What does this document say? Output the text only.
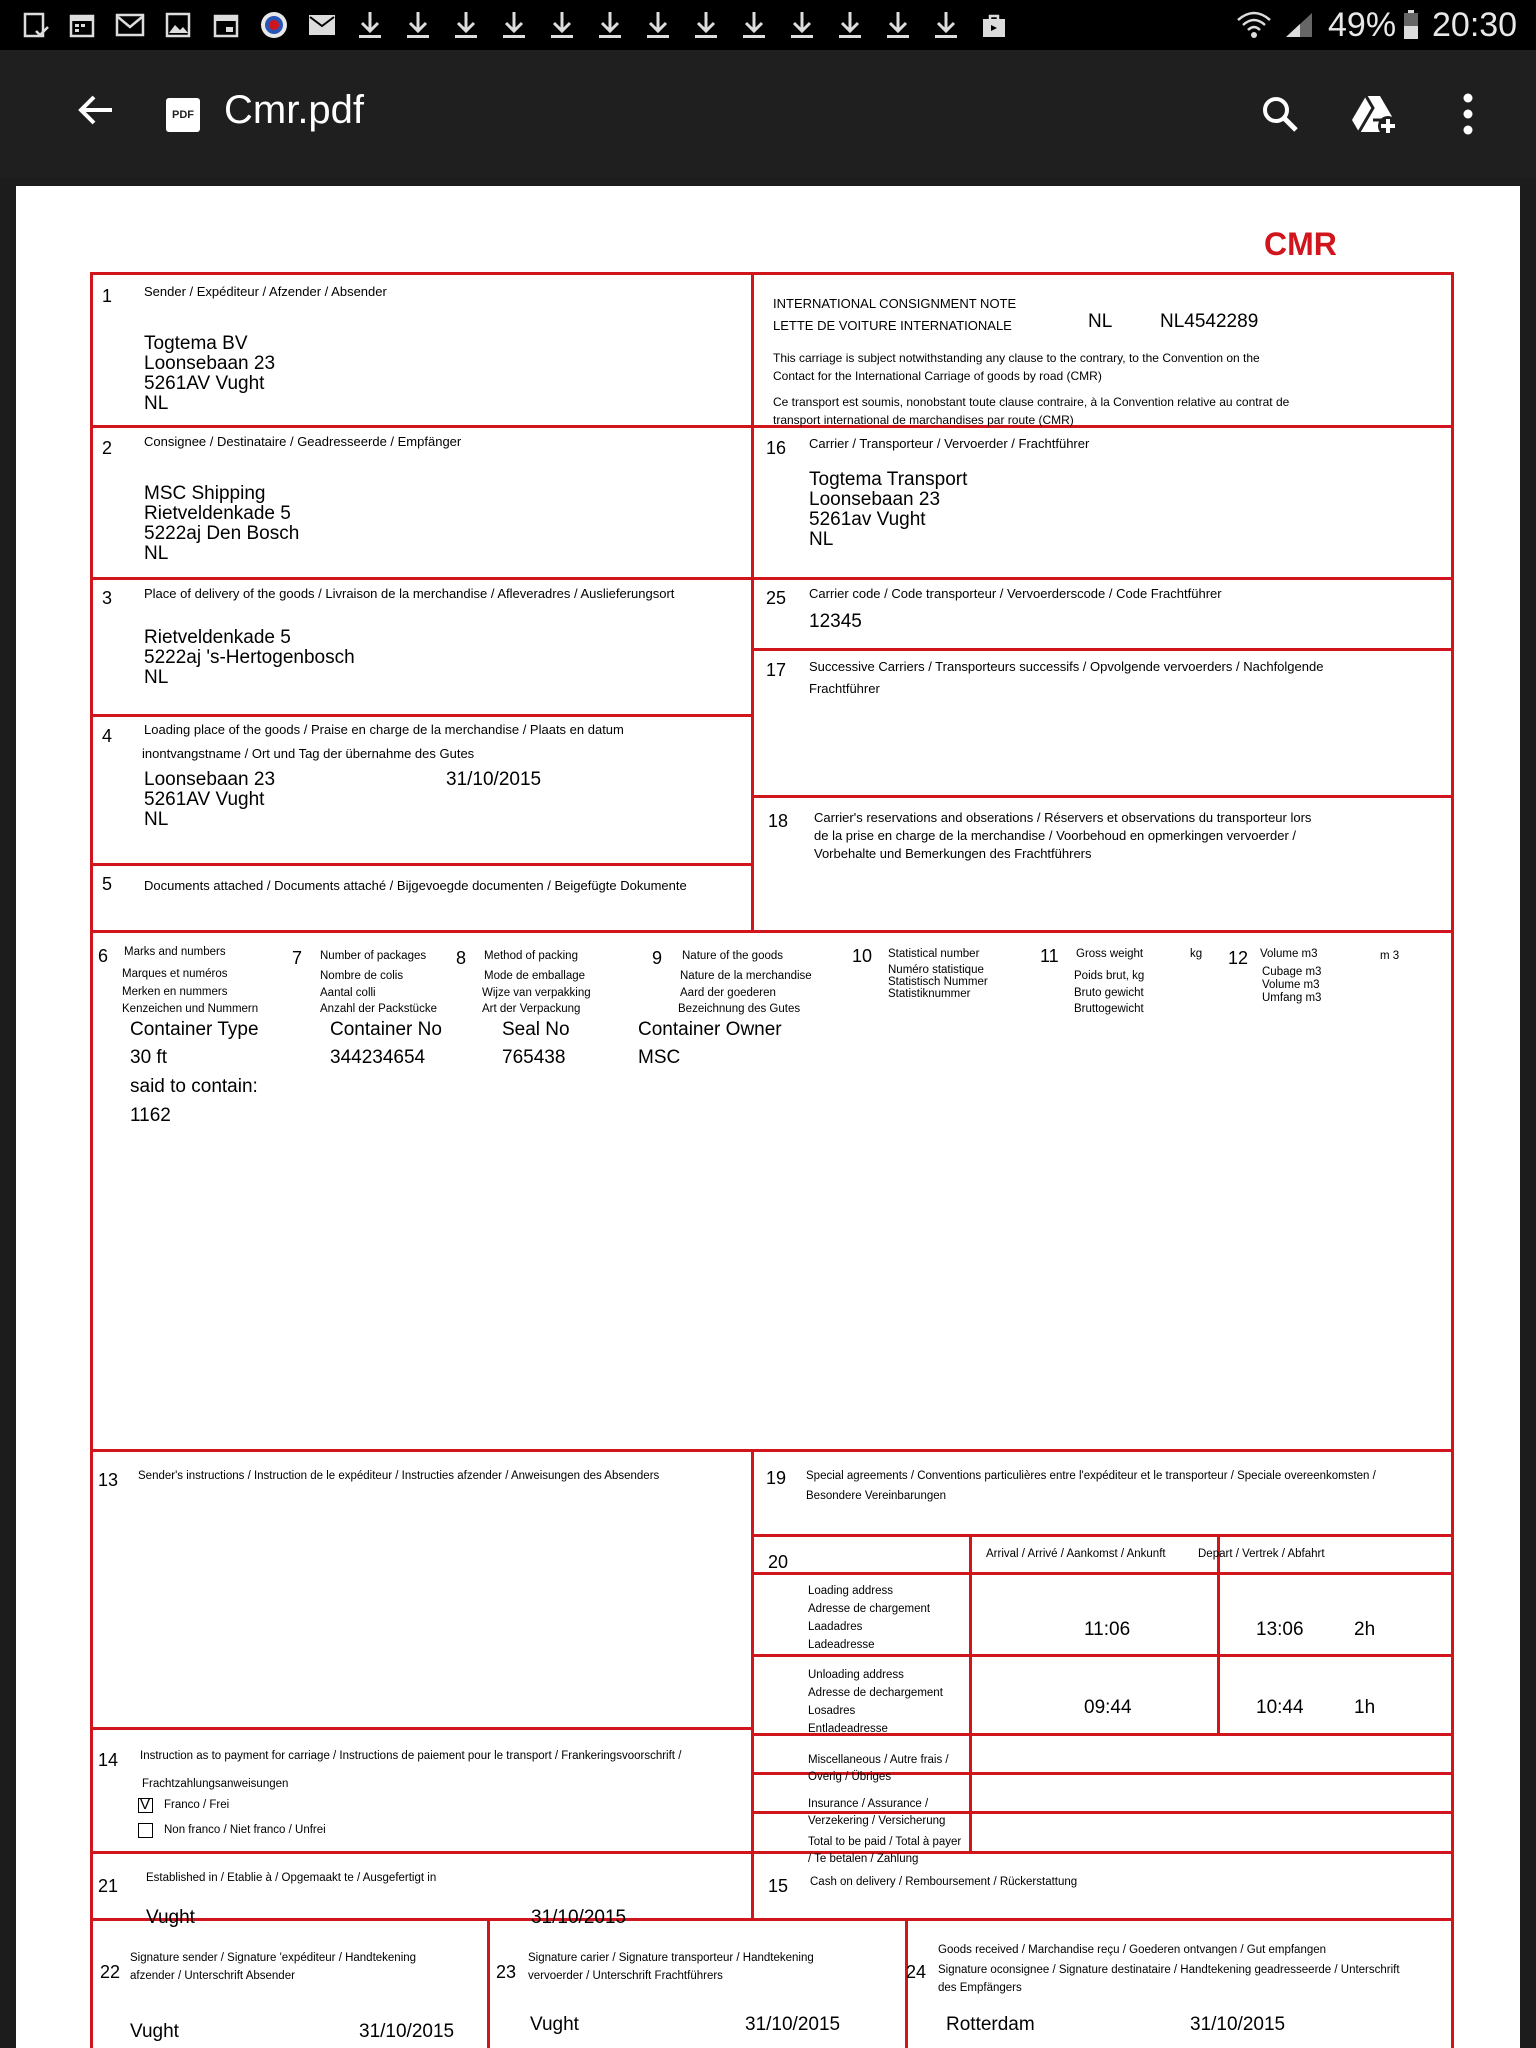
49% 20:30
PDF Cmr.pdf
CMR
1 Sender / Expéditeur / Afzender / Absender
Togtema BV
Loonsebaan 23
5261AV Vught
NL
INTERNATIONAL CONSIGNMENT NOTE
LETTE DE VOITURE INTERNATIONALE	NL	NL4542289
This carriage is subject notwithstanding any clause to the contrary, to the Convention on the
Contact for the International Carriage of goods by road (CMR)
Ce transport est soumis, nonobstant toute clause contraire, à la Convention relative au contrat de
transport international de marchandises par route (CMR)
2 Consignee / Destinataire / Geadresseerde / Empfänger
MSC Shipping
Rietveldenkade 5
5222aj Den Bosch
NL
16 Carrier / Transporteur / Vervoerder / Frachtführer
Togtema Transport
Loonsebaan 23
5261av Vught
NL
3 Place of delivery of the goods / Livraison de la merchandise / Afleveradres / Auslieferungsort
Rietveldenkade 5
5222aj 's-Hertogenbosch
NL
25 Carrier code / Code transporteur / Vervoerderscode / Code Frachtführer
12345
17 Successive Carriers / Transporteurs successifs / Opvolgende vervoerders / Nachfolgende
Frachtführer
4 Loading place of the goods / Praise en charge de la merchandise / Plaats en datum
inontvangstname / Ort und Tag der übernahme des Gutes
Loonsebaan 23
5261AV Vught
NL
31/10/2015
18 Carrier's reservations and obserations / Réservers et observations du transporteur lors
de la prise en charge de la merchandise / Voorbehoud en opmerkingen vervoerder /
Vorbehalte und Bemerkungen des Frachtführers
5 Documents attached / Documents attaché / Bijgevoegde documenten / Beigefügte Dokumente
6 Marks and numbers
Marques et numéros
Merken en nummers
Kenzeichen und Nummern
7 Number of packages
Nombre de colis
Aantal colli
Anzahl der Packstücke
8 Method of packing
Mode de emballage
Wijze van verpakking
Art der Verpackung
9 Nature of the goods
Nature de la merchandise
Aard der goederen
Bezeichnung des Gutes
10 Statistical number
Numéro statistique
Statistisch Nummer
Statistiknummer
11 Gross weight
Poids brut, kg
Bruto gewicht
Bruttogewicht
kg 12 Volume m3
Cubage m3
Volume m3
Umfang m3
m 3
Container Type	Container No	Seal No	Container Owner
30 ft	344234654	765438	MSC
said to contain:
1162
13 Sender's instructions / Instruction de le expéditeur / Instructies afzender / Anweisungen des Absenders	19 Special agreements / Conventions particulières entre l'expéditeur et le transporteur / Speciale overeenkomsten /
Besondere Vereinbarungen
20	Arrival / Arrivé / Aankomst / Ankunft	Depart / Vertrek / Abfahrt
Loading address
Adresse de chargement
Laadadres
Ladeadresse
11:06	13:06	2h
Unloading address
Adresse de dechargement
Losadres
Entladeadresse
09:44	10:44	1h
Miscellaneous / Autre frais /
Overig / Übriges
Insurance / Assurance /
Verzekering / Versicherung
Total to be paid / Total à payer
/ Te betalen / Zahlung
14 Instruction as to payment for carriage / Instructions de paiement pour le transport / Frankeringsvoorschrift /
Frachtzahlungsanweisungen
V Franco / Frei
Non franco / Niet franco / Unfrei
21 Established in / Etablie à / Opgemaakt te / Ausgefertigt in
Vught	31/10/2015
15 Cash on delivery / Remboursement / Rückerstattung
22
Signature sender / Signature 'expéditeur / Handtekening
afzender / Unterschrift Absender
Vught	31/10/2015
23
Signature carier / Signature transporteur / Handtekening
vervoerder / Unterschrift Frachtführers
Vught	31/10/2015
Goods received / Marchandise reçu / Goederen ontvangen / Gut empfangen
24 Signature oconsignee / Signature destinataire / Handtekening geadresseerde / Unterschrift
des Empfängers
Rotterdam	31/10/2015
